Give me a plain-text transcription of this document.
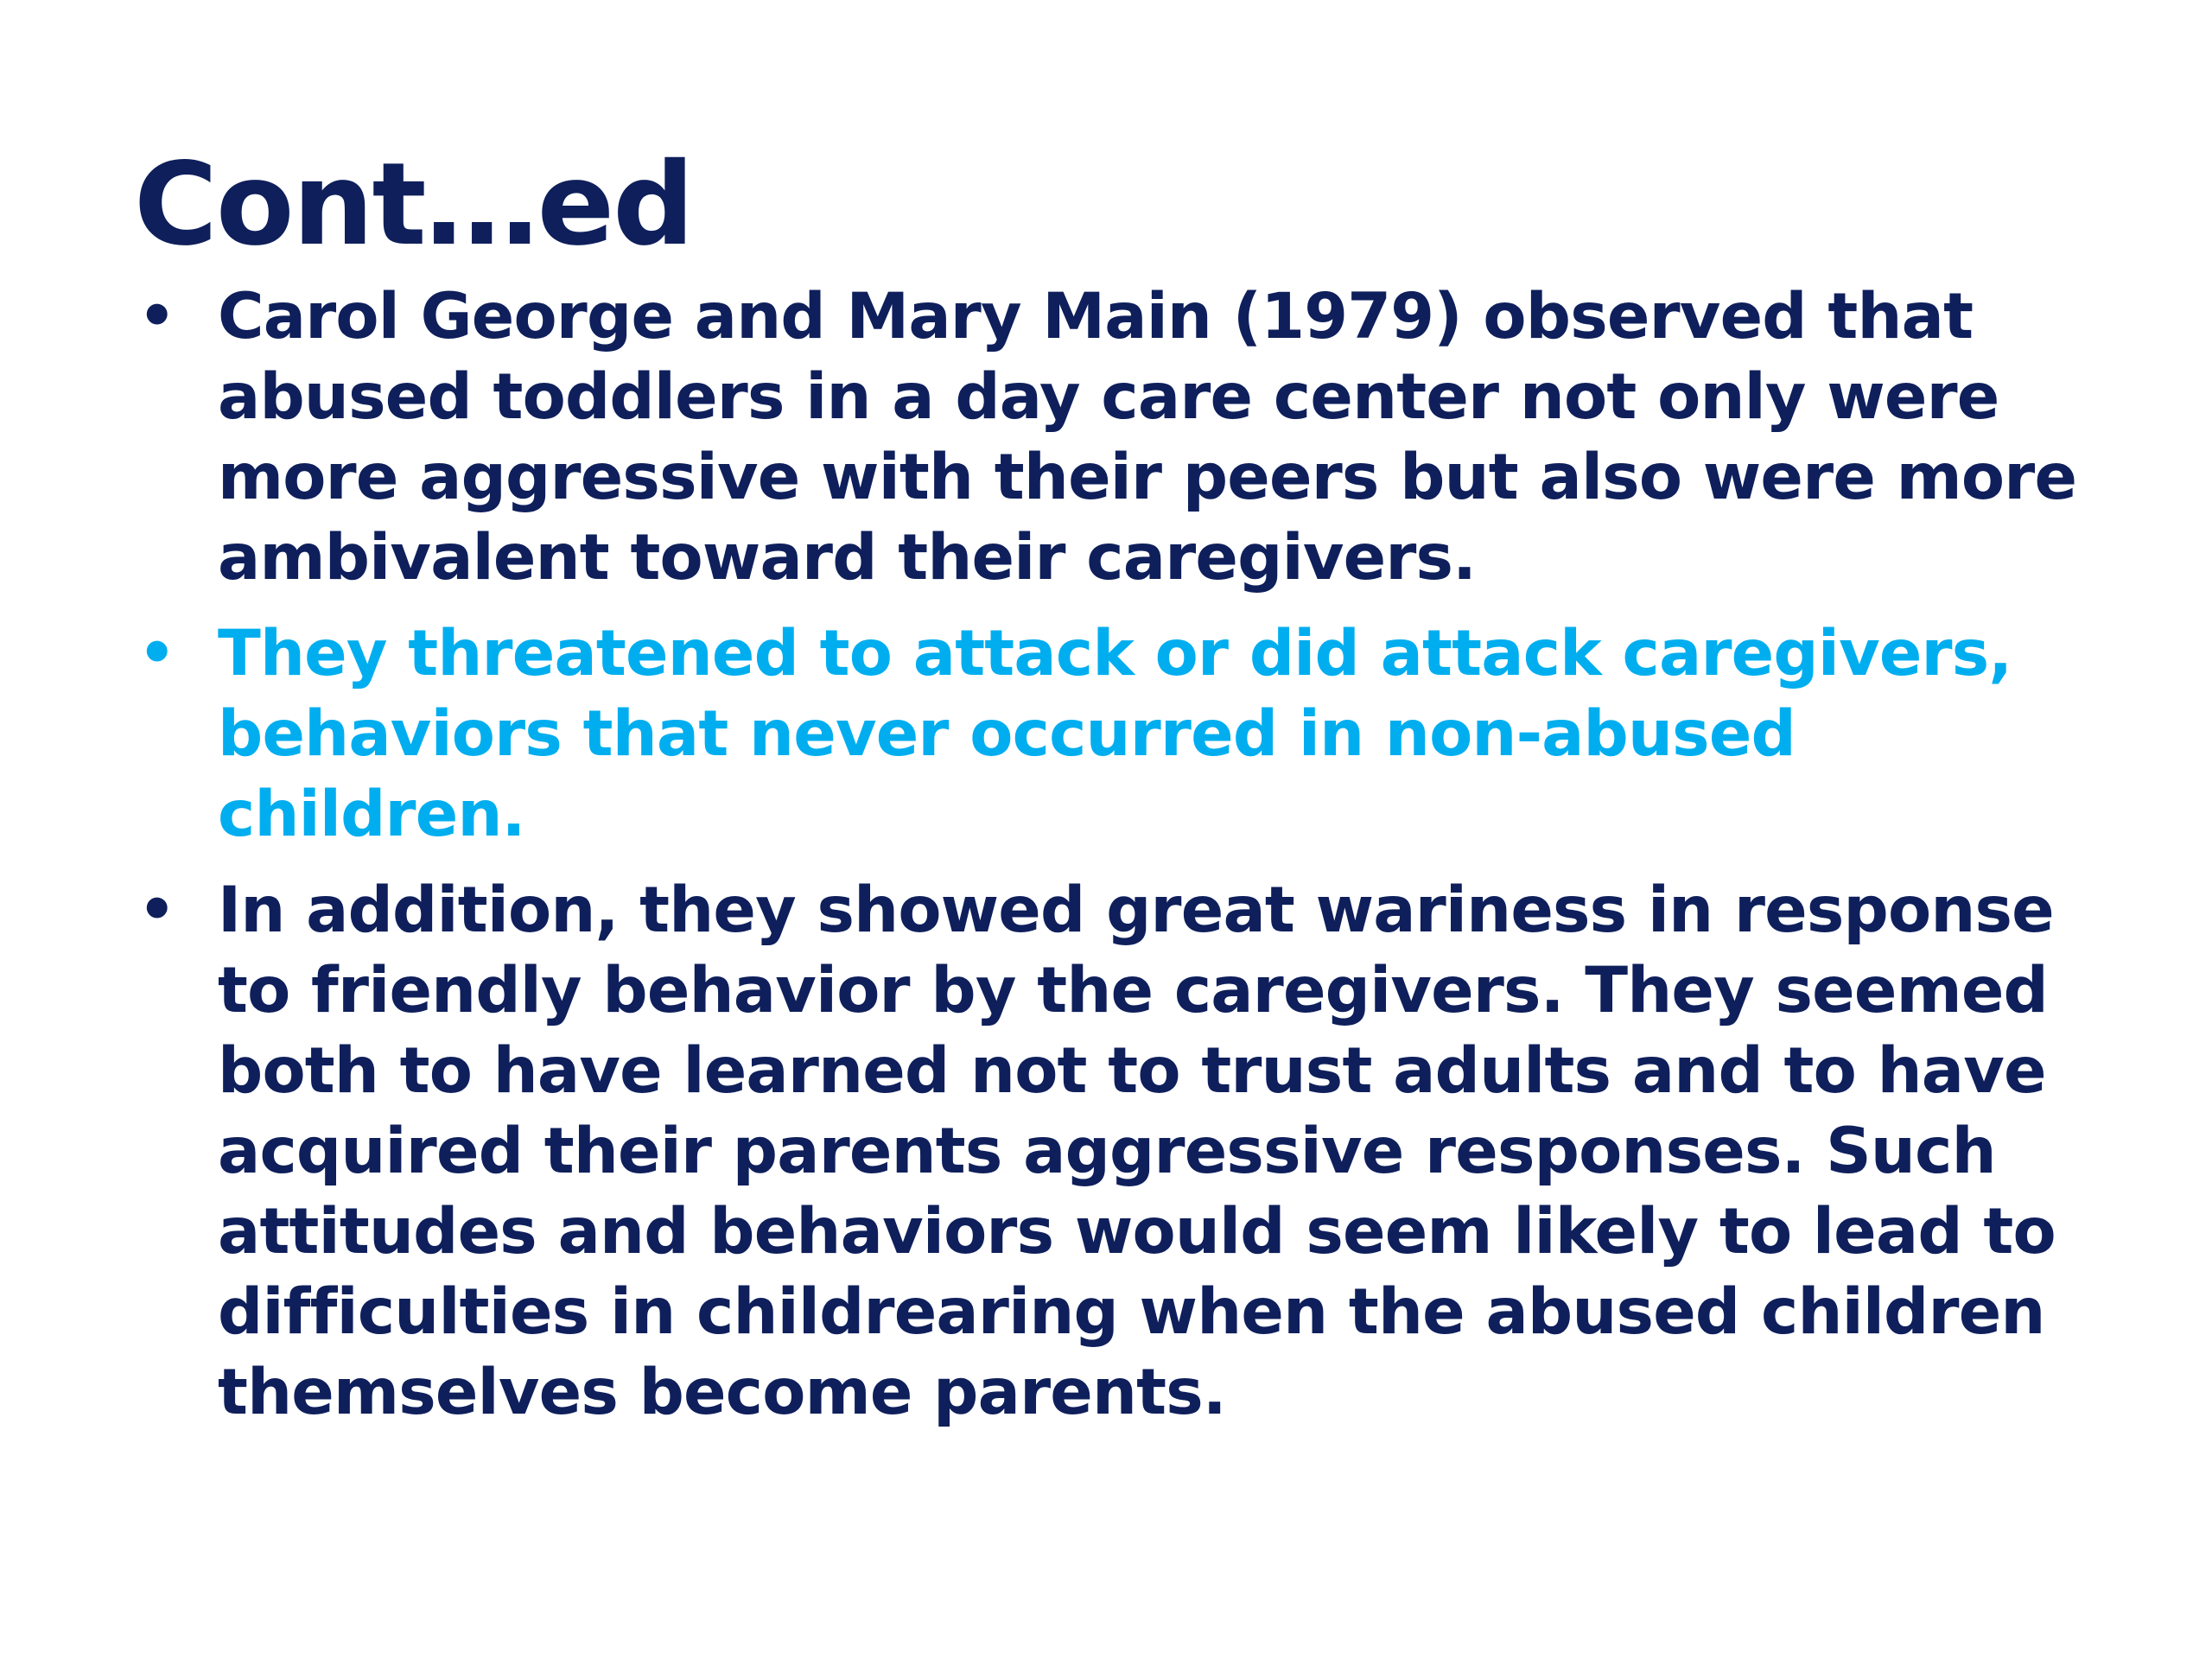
Cont…ed
• Carol George and Mary Main (1979) observed that abused toddlers in a day care center not only were more aggressive with their peers but also were more ambivalent toward their caregivers.
• They threatened to attack or did attack caregivers, behaviors that never occurred in non-abused children.
• In addition, they showed great wariness in response to friendly behavior by the caregivers. They seemed both to have learned not to trust adults and to have acquired their parents aggressive responses. Such attitudes and behaviors would seem likely to lead to difficulties in childrearing when the abused children themselves become parents.
